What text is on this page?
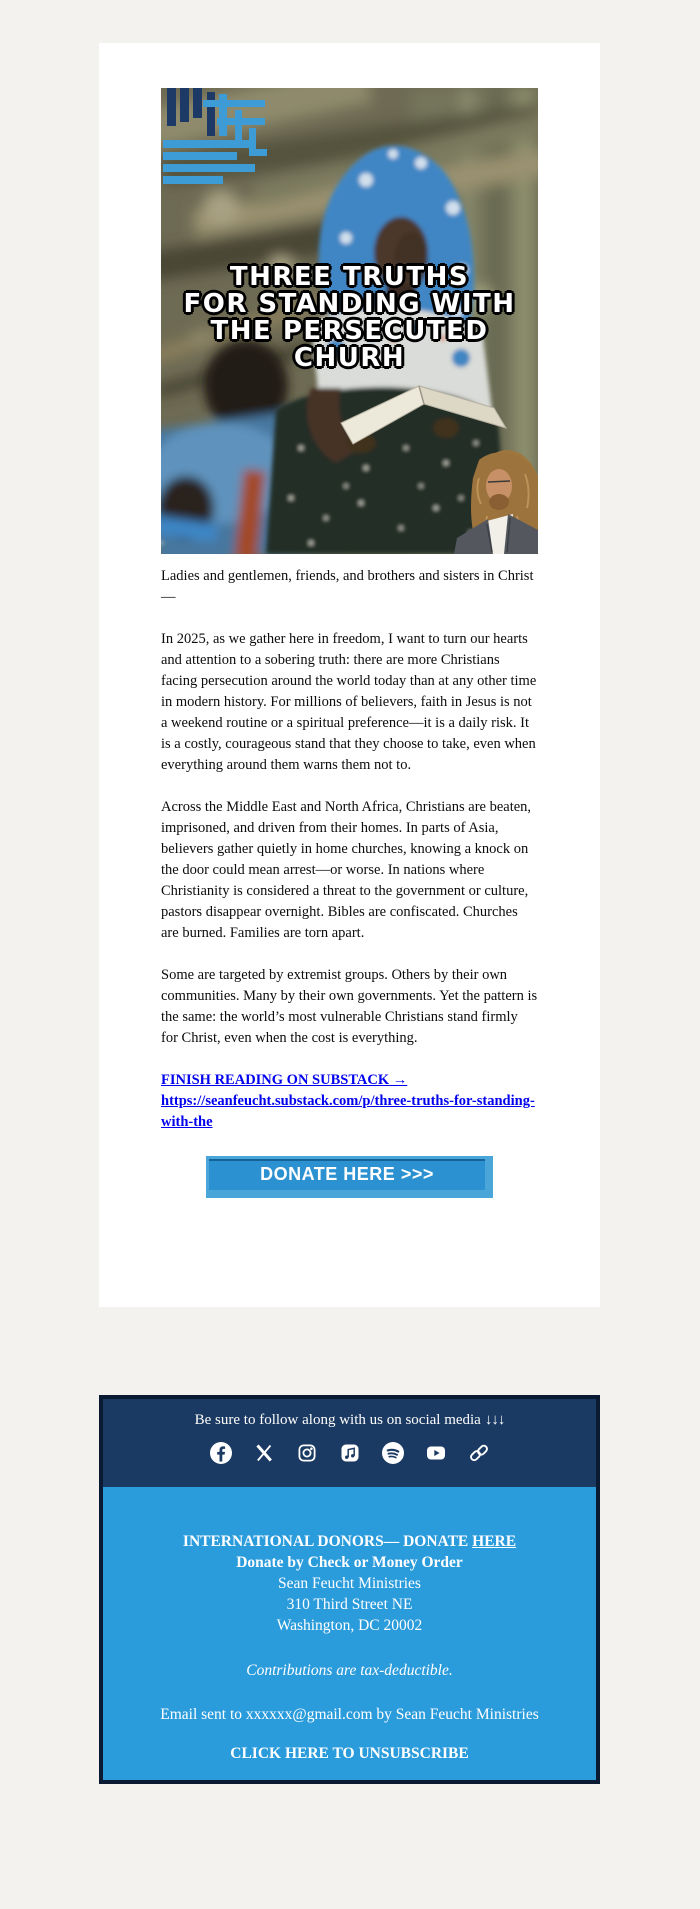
THREE TRUTHS
FOR STANDING WITH
THE PERSECUTED
CHURH

Ladies and gentlemen, friends, and brothers and sisters in Christ—

In 2025, as we gather here in freedom, I want to turn our hearts and attention to a sobering truth: there are more Christians facing persecution around the world today than at any other time in modern history. For millions of believers, faith in Jesus is not a weekend routine or a spiritual preference—it is a daily risk. It is a costly, courageous stand that they choose to take, even when everything around them warns them not to.

Across the Middle East and North Africa, Christians are beaten, imprisoned, and driven from their homes. In parts of Asia, believers gather quietly in home churches, knowing a knock on the door could mean arrest—or worse. In nations where Christianity is considered a threat to the government or culture, pastors disappear overnight. Bibles are confiscated. Churches are burned. Families are torn apart.

Some are targeted by extremist groups. Others by their own communities. Many by their own governments. Yet the pattern is the same: the world’s most vulnerable Christians stand firmly for Christ, even when the cost is everything.

FINISH READING ON SUBSTACK →
https://seanfeucht.substack.com/p/three-truths-for-standing-with-the
DONATE HERE >>>
Be sure to follow along with us on social media ↓↓↓

INTERNATIONAL DONORS— DONATE HERE

Donate by Check or Money Order

Sean Feucht Ministries

310 Third Street NE

Washington, DC 20002

Contributions are tax-deductible.

Email sent to xxxxxx@gmail.com by Sean Feucht Ministries

CLICK HERE TO UNSUBSCRIBE
